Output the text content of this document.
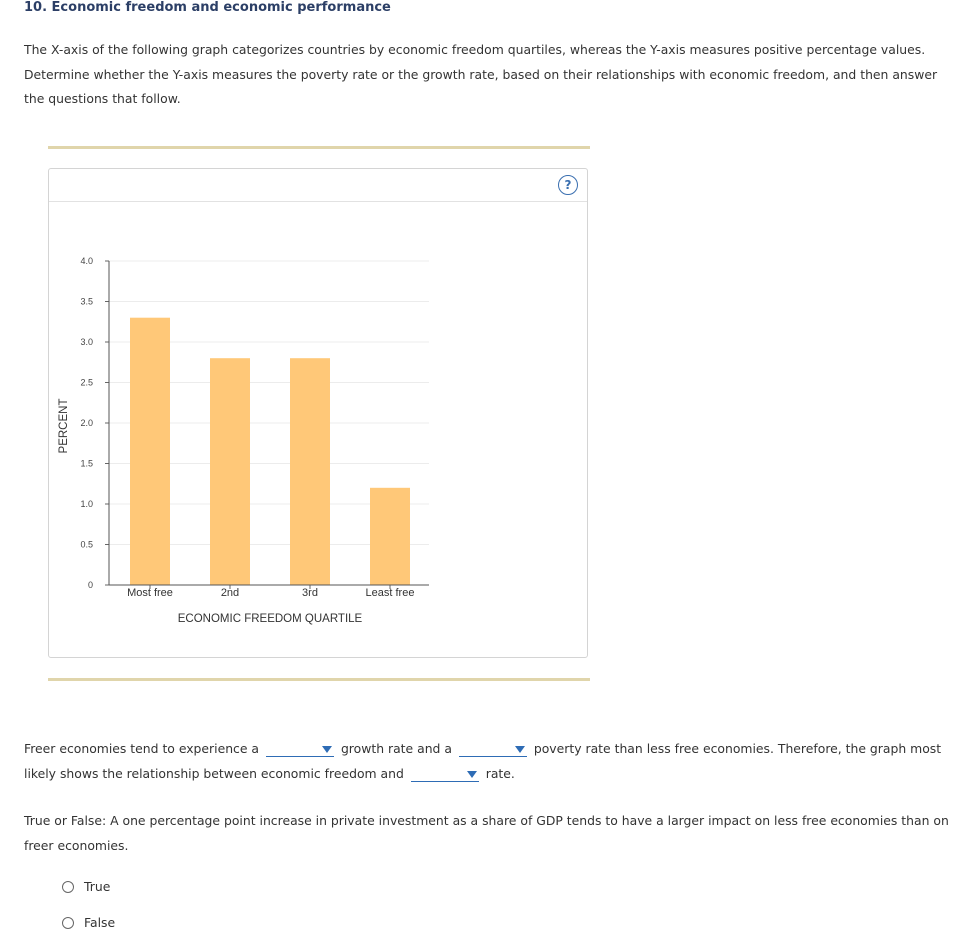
10. Economic freedom and economic performance
The X-axis of the following graph categorizes countries by economic freedom quartiles, whereas the Y-axis measures positive percentage values. Determine whether the Y-axis measures the poverty rate or the growth rate, based on their relationships with economic freedom, and then answer the questions that follow.
?
0
0.5
1.0
1.5
2.0
2.5
3.0
3.5
4.0
Most free	2nd	3rd	Least free
ECONOMIC FREEDOM QUARTILE
PERCENT
Freer economies tend to experience a	growth rate and a	poverty rate than less free economies. Therefore, the graph most likely shows the relationship between economic freedom and	rate.
True or False: A one percentage point increase in private investment as a share of GDP tends to have a larger impact on less free economies than on freer economies.
True
False
